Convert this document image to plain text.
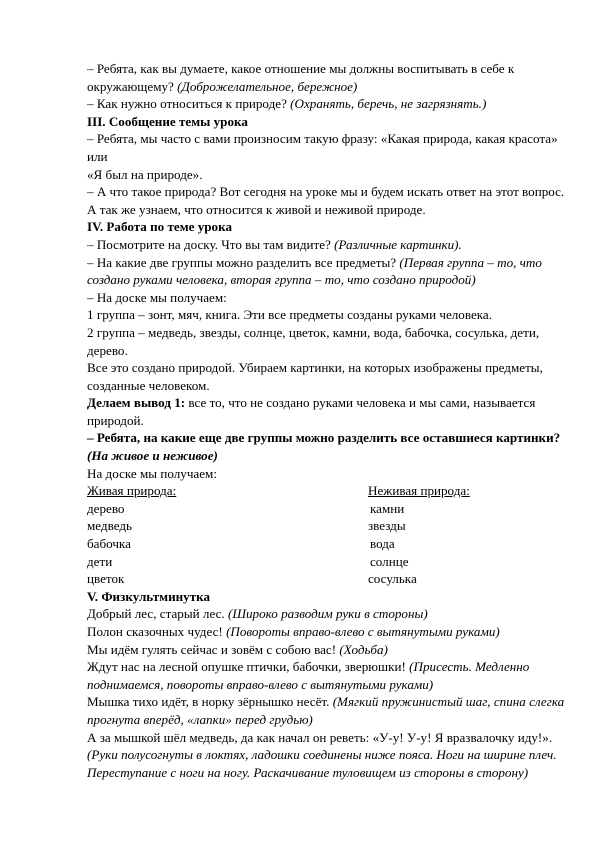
– Ребята, как вы думаете, какое отношение мы должны воспитывать в себе к окружающему? (Доброжелательное, бережное)

– Как нужно относиться к природе? (Охранять, беречь, не загрязнять.)

III. Сообщение темы урока

– Ребята, мы часто с вами произносим такую фразу: «Какая природа, какая красота» или

«Я был на природе».

– А что такое природа? Вот сегодня на уроке мы и будем искать ответ на этот вопрос. А так же узнаем, что относится к живой и неживой природе.

IV. Работа по теме урока

– Посмотрите на доску. Что вы там видите? (Различные картинки).

– На какие две группы можно разделить все предметы? (Первая группа – то, что создано руками человека, вторая группа – то, что создано природой)

– На доске мы получаем:

1 группа – зонт, мяч, книга. Эти все предметы созданы руками человека.

2 группа – медведь, звезды, солнце, цветок, камни, вода, бабочка, сосулька, дети, дерево.

Все это создано природой. Убираем картинки, на которых изображены предметы, созданные человеком.

Делаем вывод 1: все то, что не создано руками человека и мы сами, называется природой.

– Ребята, на какие еще две группы можно разделить все оставшиеся картинки? (На живое и неживое)

На доске мы получаем:

Живая природа:

дерево

медведь

бабочка

дети

цветок

Неживая природа:

камни

звезды

вода

солнце

сосулька

V. Физкультминутка

Добрый лес, старый лес. (Широко разводим руки в стороны)

Полон сказочных чудес! (Повороты вправо-влево с вытянутыми руками)

Мы идём гулять сейчас и зовём с собою вас! (Ходьба)

Ждут нас на лесной опушке птички, бабочки, зверюшки! (Присесть. Медленно поднимаемся, повороты вправо-влево с вытянутыми руками)

Мышка тихо идёт, в норку зёрнышко несёт. (Мягкий пружинистый шаг, спина слегка прогнута вперёд, «лапки» перед грудью)

А за мышкой шёл медведь, да как начал он реветь: «У-у! У-у! Я вразвалочку иду!». (Руки полусогнуты в локтях, ладошки соединены ниже пояса. Ноги на ширине плеч. Переступание с ноги на ногу. Раскачивание туловищем из стороны в сторону)
